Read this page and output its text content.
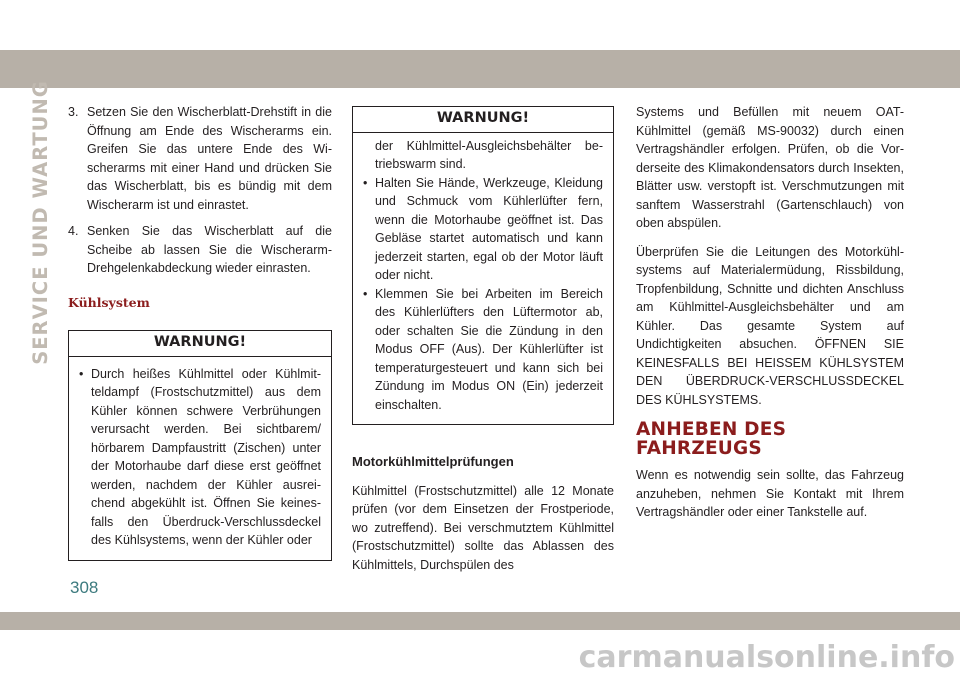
SERVICE UND WARTUNG 3. Setzen Sie den Wischerblatt-Drehstift in die Öffnung am Ende des Wischerarms ein. Greifen Sie das untere Ende des Wischerarms mit einer Hand und drücken Sie das Wischerblatt, bis es bündig mit dem Wischerarm ist und einrastet.
4. Senken Sie das Wischerblatt auf die Scheibe ab lassen Sie die Wischerarm-Drehgelenkabdeckung wieder einrasten.
Kühlsystem
WARNUNG!
• Durch heißes Kühlmittel oder Kühlmitteldampf (Frostschutzmittel) aus dem Kühler können schwere Verbrühungen verursacht werden. Bei sichtbarem/ hörbarem Dampfaustritt (Zischen) unter der Motorhaube darf diese erst geöffnet werden, nachdem der Kühler ausreichend abgekühlt ist. Öffnen Sie keinesfalls den Überdruck-Verschlussdeckel des Kühlsystems, wenn der Kühler oder
WARNUNG!
der Kühlmittel-Ausgleichsbehälter betriebswarm sind.
• Halten Sie Hände, Werkzeuge, Kleidung und Schmuck vom Kühlerlüfter fern, wenn die Motorhaube geöffnet ist. Das Gebläse startet automatisch und kann jederzeit starten, egal ob der Motor läuft oder nicht.
• Klemmen Sie bei Arbeiten im Bereich des Kühlerlüfters den Lüftermotor ab, oder schalten Sie die Zündung in den Modus OFF (Aus). Der Kühlerlüfter ist temperaturgesteuert und kann sich bei Zündung im Modus ON (Ein) jederzeit einschalten.
Motorkühlmittelprüfungen

Kühlmittel (Frostschutzmittel) alle 12 Monate prüfen (vor dem Einsetzen der Frostperiode, wo zutreffend). Bei verschmutztem Kühlmittel (Frostschutzmittel) sollte das Ablassen des Kühlmittels, Durchspülen des

Systems und Befüllen mit neuem OAT-Kühlmittel (gemäß MS-90032) durch einen Vertragshändler erfolgen. Prüfen, ob die Vorderseite des Klimakondensators durch Insekten, Blätter usw. verstopft ist. Verschmutzungen mit sanftem Wasserstrahl (Gartenschlauch) von oben abspülen.

Überprüfen Sie die Leitungen des Motorkühlsystems auf Materialermüdung, Rissbildung, Tropfenbildung, Schnitte und dichten Anschluss am Kühlmittel-Ausgleichsbehälter und am Kühler. Das gesamte System auf Undichtigkeiten absuchen. ÖFFNEN SIE KEINESFALLS BEI HEISSEM KÜHLSYSTEM DEN ÜBERDRUCK-VERSCHLUSSDECKEL DES KÜHLSYSTEMS.

ANHEBEN DES FAHRZEUGS

Wenn es notwendig sein sollte, das Fahrzeug anzuheben, nehmen Sie Kontakt mit Ihrem Vertragshändler oder einer Tankstelle auf.

308
carmanualsonline.info
